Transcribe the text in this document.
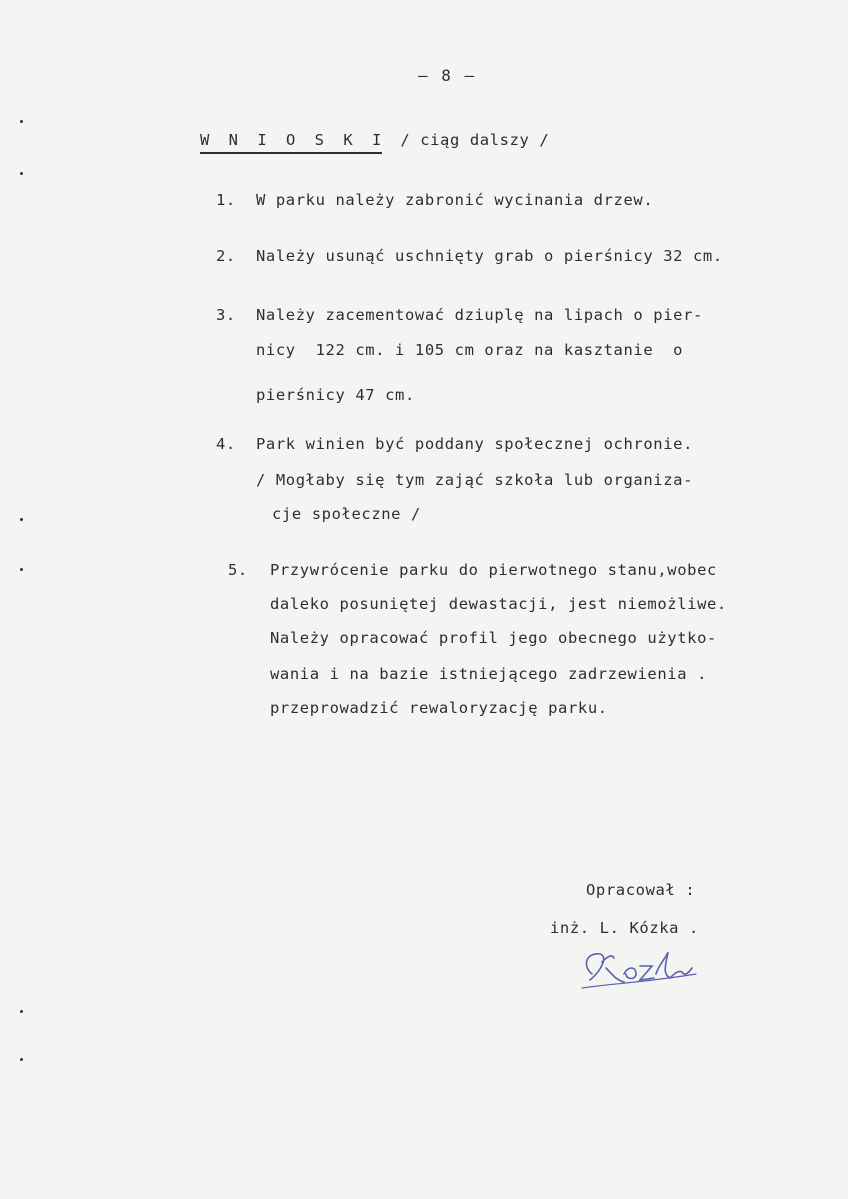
— 8 —
W N I O S K I / ciąg dalszy /
1. W parku należy zabronić wycinania drzew.
2. Należy usunąć uschnięty grab o pierśnicy 32 cm.
3. Należy zacementować dziuplę na lipach o pier-
nicy  122 cm. i 105 cm oraz na kasztanie  o
pierśnicy 47 cm.
4. Park winien być poddany społecznej ochronie.
/ Mogłaby się tym zająć szkoła lub organiza-
cje społeczne /
5. Przywrócenie parku do pierwotnego stanu,wobec
daleko posuniętej dewastacji, jest niemożliwe.
Należy opracować profil jego obecnego użytko-
wania i na bazie istniejącego zadrzewienia .
przeprowadzić rewaloryzację parku.
Opracował :
inż. L. Kózka .
